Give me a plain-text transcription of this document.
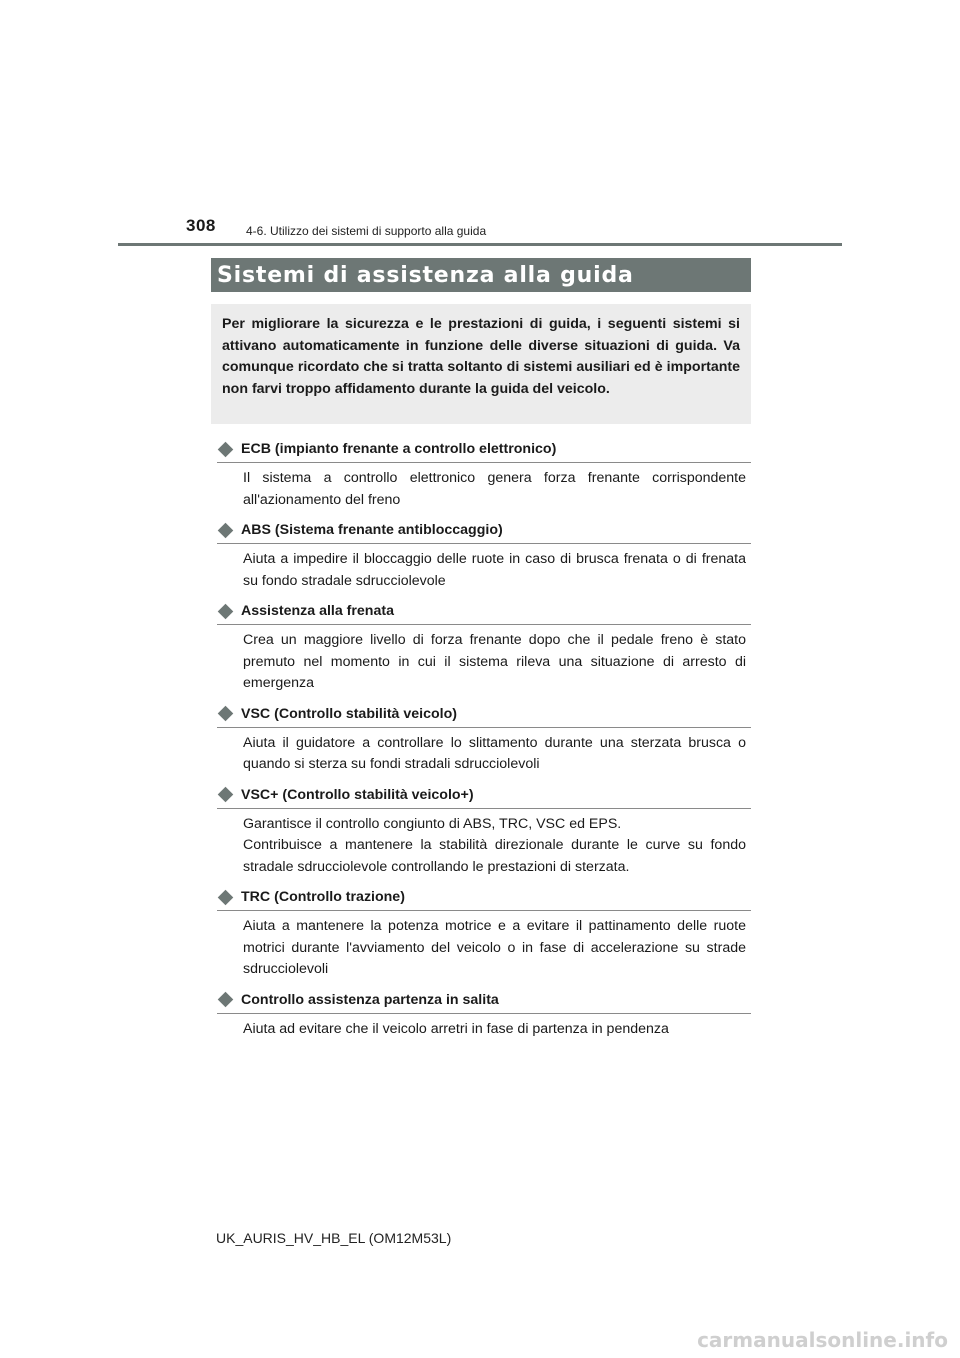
308	4-6. Utilizzo dei sistemi di supporto alla guida
Sistemi di assistenza alla guida

Per migliorare la sicurezza e le prestazioni di guida, i seguenti sistemi si attivano automaticamente in funzione delle diverse situazioni di guida. Va comunque ricordato che si tratta soltanto di sistemi ausiliari ed è importante non farvi troppo affidamento durante la guida del veicolo.

ECB (impianto frenante a controllo elettronico)

Il sistema a controllo elettronico genera forza frenante corrispondente all'azionamento del freno

ABS (Sistema frenante antibloccaggio)

Aiuta a impedire il bloccaggio delle ruote in caso di brusca frenata o di frenata su fondo stradale sdrucciolevole

Assistenza alla frenata

Crea un maggiore livello di forza frenante dopo che il pedale freno è stato premuto nel momento in cui il sistema rileva una situazione di arresto di emergenza

VSC (Controllo stabilità veicolo)

Aiuta il guidatore a controllare lo slittamento durante una sterzata brusca o quando si sterza su fondi stradali sdrucciolevoli

VSC+ (Controllo stabilità veicolo+)

Garantisce il controllo congiunto di ABS, TRC, VSC ed EPS.

Contribuisce a mantenere la stabilità direzionale durante le curve su fondo stradale sdrucciolevole controllando le prestazioni di sterzata.

TRC (Controllo trazione)

Aiuta a mantenere la potenza motrice e a evitare il pattinamento delle ruote motrici durante l'avviamento del veicolo o in fase di accelerazione su strade sdrucciolevoli

Controllo assistenza partenza in salita

Aiuta ad evitare che il veicolo arretri in fase di partenza in pendenza

UK_AURIS_HV_HB_EL (OM12M53L)
carmanualsonline.info
